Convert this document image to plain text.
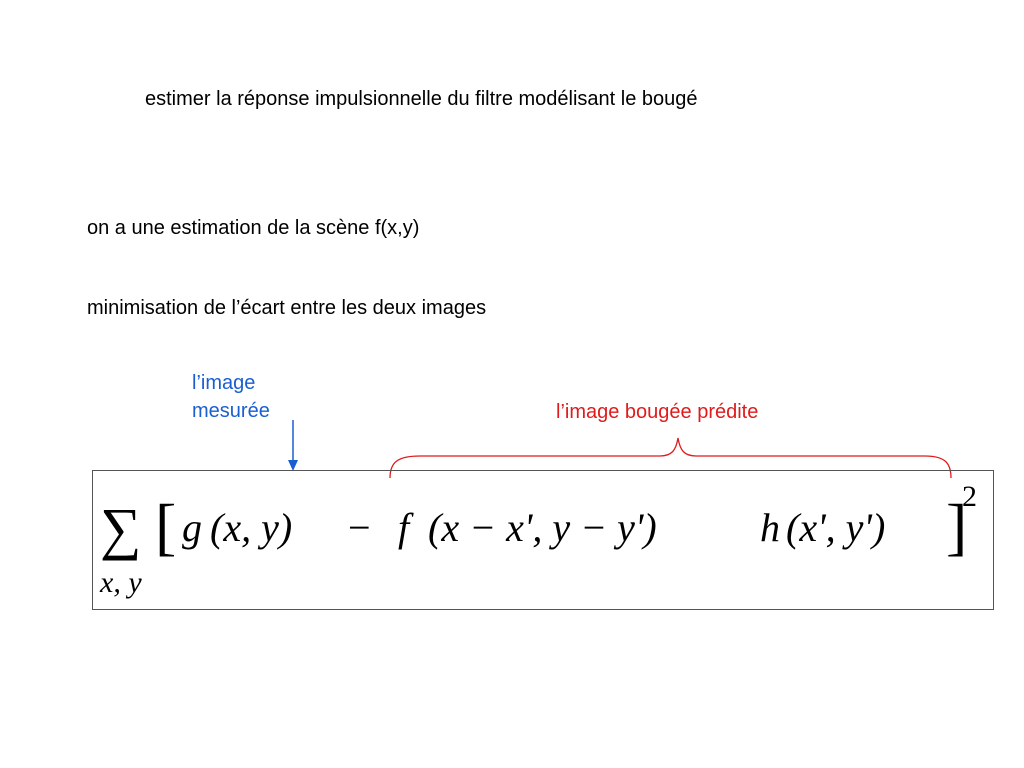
estimer la réponse impulsionnelle du filtre modélisant le bougé
on a une estimation de la scène f(x,y)
minimisation de l’écart entre les deux images
l’image
mesurée	l’image bougée prédite
∑
x, y
[ g (x, y) − f (x − x', y − y')	h (x', y') ]
2
